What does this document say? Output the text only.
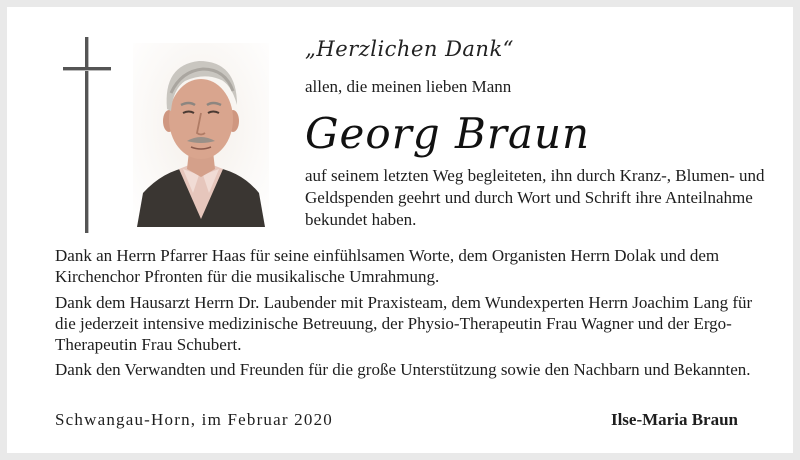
„Herzlichen Dank“
allen, die meinen lieben Mann
Georg Braun

auf seinem letzten Weg begleiteten, ihn durch Kranz-, Blumen- und Geldspenden geehrt und durch Wort und Schrift ihre Anteilnahme bekundet haben.

Dank an Herrn Pfarrer Haas für seine einfühlsamen Worte, dem Organisten Herrn Dolak und dem Kirchenchor Pfronten für die musikalische Umrahmung.

Dank dem Hausarzt Herrn Dr. Laubender mit Praxisteam, dem Wundexperten Herrn Joachim Lang für die jederzeit intensive medizinische Betreuung, der Physio-Therapeutin Frau Wagner und der Ergo-Therapeutin Frau Schubert.

Dank den Verwandten und Freunden für die große Unterstützung sowie den Nachbarn und Bekannten.

Schwangau-Horn, im Februar 2020	Ilse-Maria Braun
